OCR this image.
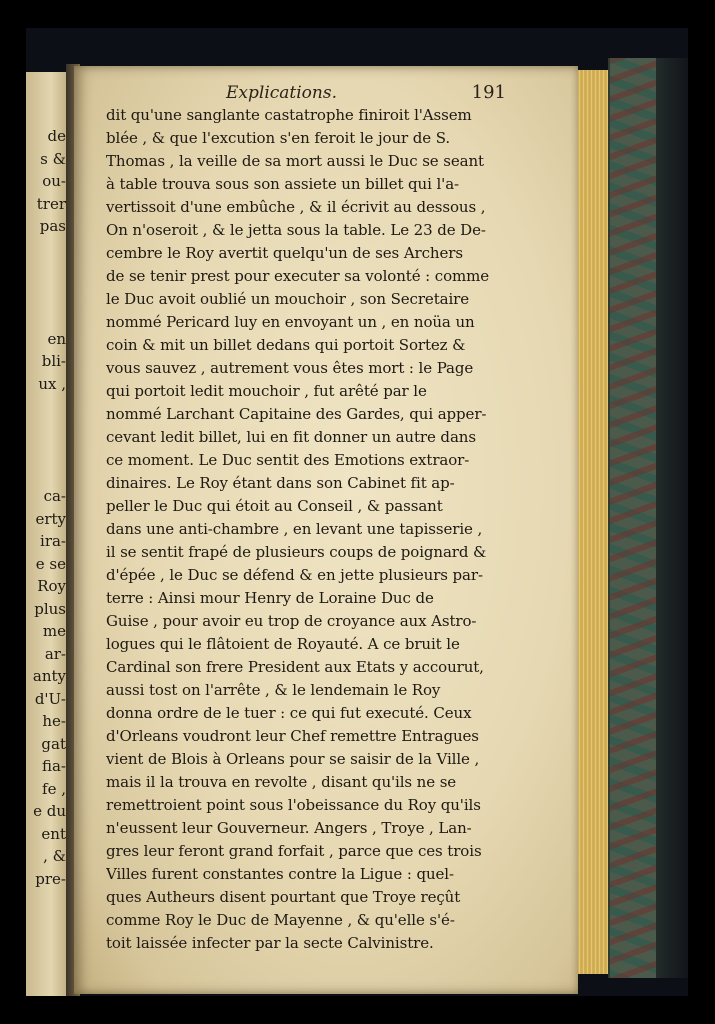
de
s &
ou-
trer
pas
en
bli-
ux ,
ca-
erty
ira-
e se
Roy
plus
me
ar-
anty
d'U-
he-
gat
fia-
fe ,
e du
ent
, &
pre-
Explications.	191
dit qu'une sanglante castatrophe finiroit l'Assem
blée , & que l'excution s'en feroit le jour de S.
Thomas , la veille de sa mort aussi le Duc se seant
à table trouva sous son assiete un billet qui l'a-
vertissoit d'une embûche , & il écrivit au dessous ,
On n'oseroit , & le jetta sous la table. Le 23 de De-
cembre le Roy avertit quelqu'un de ses Archers
de se tenir prest pour executer sa volonté : comme
le Duc avoit oublié un mouchoir , son Secretaire
nommé Pericard luy en envoyant un , en noüa un
coin & mit un billet dedans qui portoit Sortez &
vous sauvez , autrement vous êtes mort : le Page
qui portoit ledit mouchoir , fut arêté par le
nommé Larchant Capitaine des Gardes, qui apper-
cevant ledit billet, lui en fit donner un autre dans
ce moment. Le Duc sentit des Emotions extraor-
dinaires. Le Roy étant dans son Cabinet fit ap-
peller le Duc qui étoit au Conseil , & passant
dans une anti-chambre , en levant une tapisserie ,
il se sentit frapé de plusieurs coups de poignard &
d'épée , le Duc se défend & en jette plusieurs par-
terre : Ainsi mour Henry de Loraine Duc de
Guise , pour avoir eu trop de croyance aux Astro-
logues qui le flâtoient de Royauté. A ce bruit le
Cardinal son frere President aux Etats y accourut,
aussi tost on l'arrête , & le lendemain le Roy
donna ordre de le tuer : ce qui fut executé. Ceux
d'Orleans voudront leur Chef remettre Entragues
vient de Blois à Orleans pour se saisir de la Ville ,
mais il la trouva en revolte , disant qu'ils ne se
remettroient point sous l'obeissance du Roy qu'ils
n'eussent leur Gouverneur. Angers , Troye , Lan-
gres leur feront grand forfait , parce que ces trois
Villes furent constantes contre la Ligue : quel-
ques Autheurs disent pourtant que Troye reçût
comme Roy le Duc de Mayenne , & qu'elle s'é-
toit laissée infecter par la secte Calvinistre.
